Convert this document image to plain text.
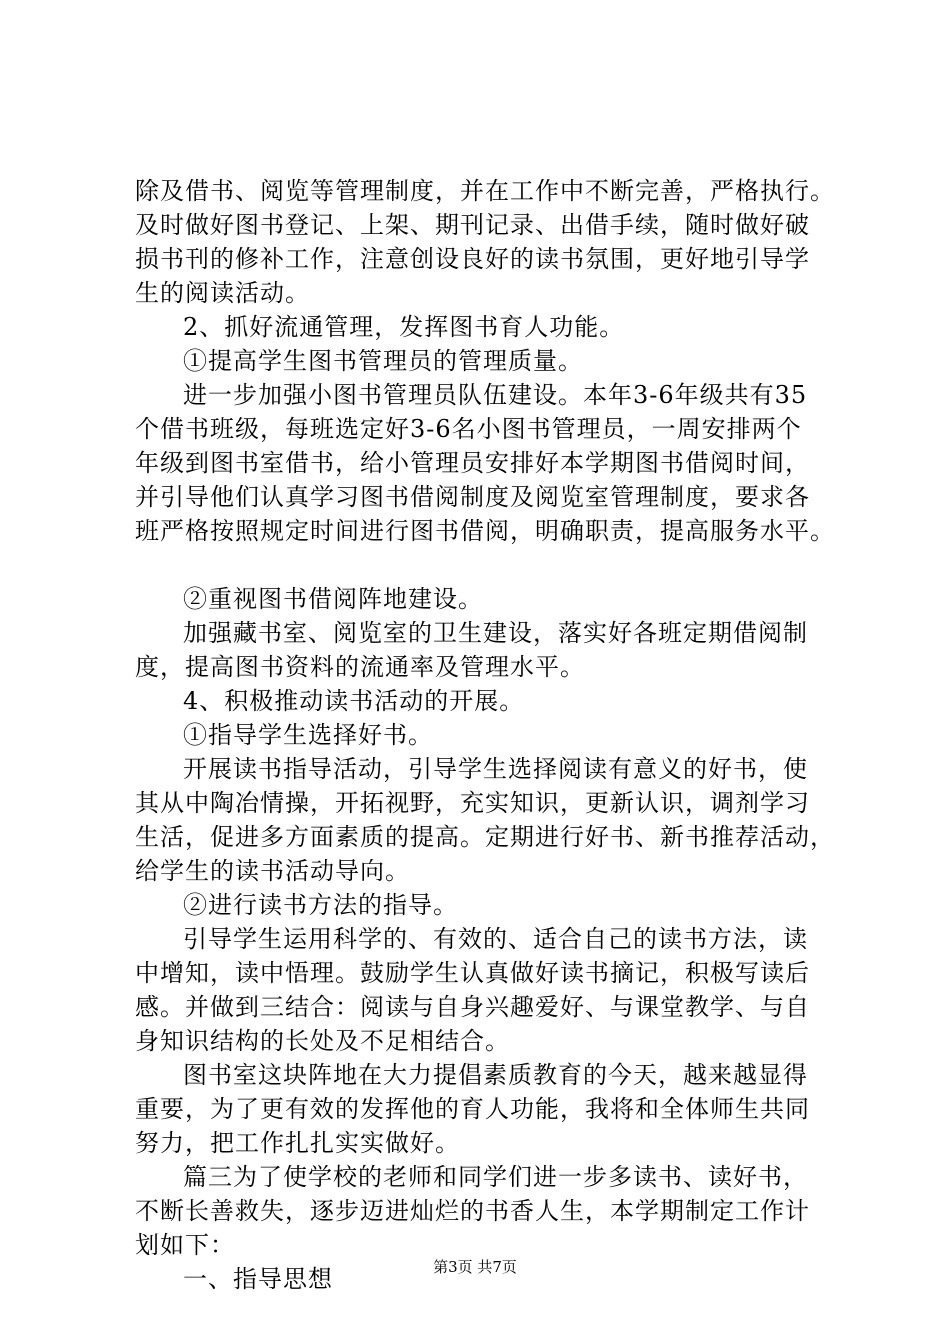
除及借书、阅览等管理制度，并在工作中不断完善，严格执行。
及时做好图书登记、上架、期刊记录、出借手续，随时做好破
损书刊的修补工作，注意创设良好的读书氛围，更好地引导学
生的阅读活动。
2、抓好流通管理，发挥图书育人功能。
①提高学生图书管理员的管理质量。
进一步加强小图书管理员队伍建设。本年3-6年级共有35
个借书班级，每班选定好3-6名小图书管理员，一周安排两个
年级到图书室借书，给小管理员安排好本学期图书借阅时间，
并引导他们认真学习图书借阅制度及阅览室管理制度，要求各
班严格按照规定时间进行图书借阅，明确职责，提高服务水平。
②重视图书借阅阵地建设。
加强藏书室、阅览室的卫生建设，落实好各班定期借阅制
度，提高图书资料的流通率及管理水平。
4、积极推动读书活动的开展。
①指导学生选择好书。
开展读书指导活动，引导学生选择阅读有意义的好书，使
其从中陶冶情操，开拓视野，充实知识，更新认识，调剂学习
生活，促进多方面素质的提高。定期进行好书、新书推荐活动，
给学生的读书活动导向。
②进行读书方法的指导。
引导学生运用科学的、有效的、适合自己的读书方法，读
中增知，读中悟理。鼓励学生认真做好读书摘记，积极写读后
感。并做到三结合：阅读与自身兴趣爱好、与课堂教学、与自
身知识结构的长处及不足相结合。
图书室这块阵地在大力提倡素质教育的今天，越来越显得
重要，为了更有效的发挥他的育人功能，我将和全体师生共同
努力，把工作扎扎实实做好。
篇三为了使学校的老师和同学们进一步多读书、读好书，
不断长善救失，逐步迈进灿烂的书香人生，本学期制定工作计
划如下：
一、指导思想	第3页 共7页
